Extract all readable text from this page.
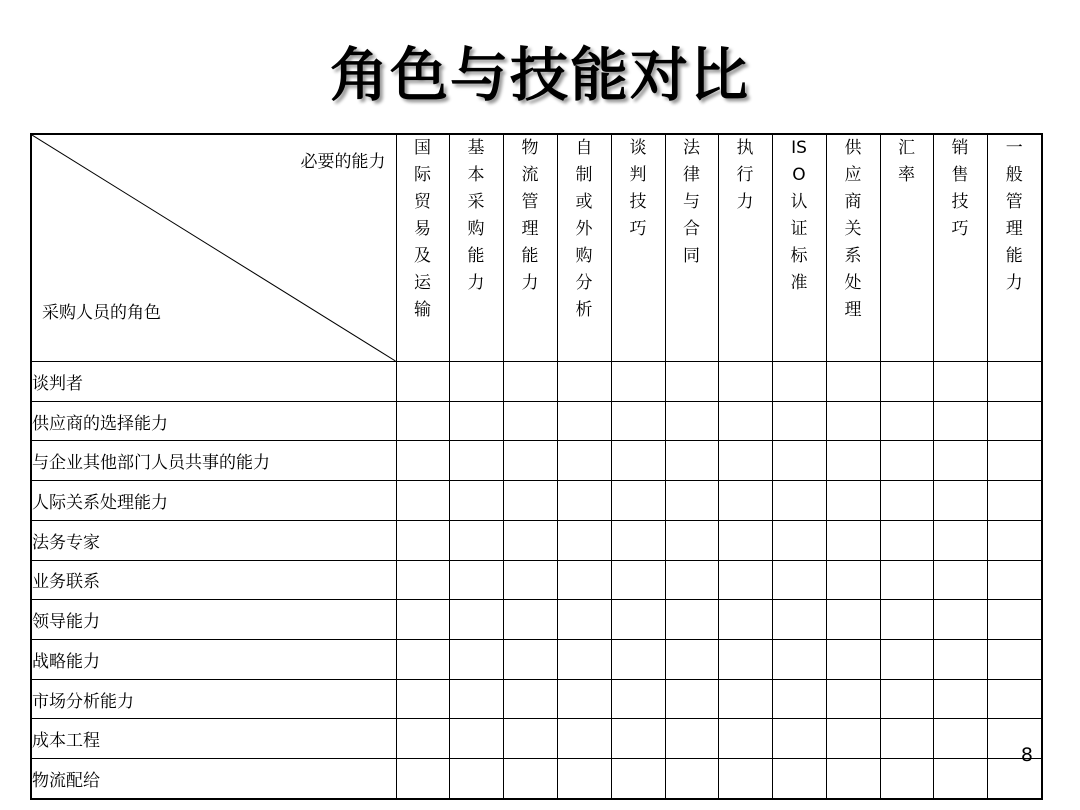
角色与技能对比
必要的能力
采购人员的角色	国际贸易及运输	基本采购能力	物流管理能力	自制或外购分析	谈判技巧	法律与合同	执行力	ISO认证标准	供应商关系处理	汇率	销售技巧	一般管理能力

谈判者												
供应商的选择能力												
与企业其他部门人员共事的能力												
人际关系处理能力												
法务专家												
业务联系												
领导能力												
战略能力												
市场分析能力												
成本工程												
物流配给												
8
